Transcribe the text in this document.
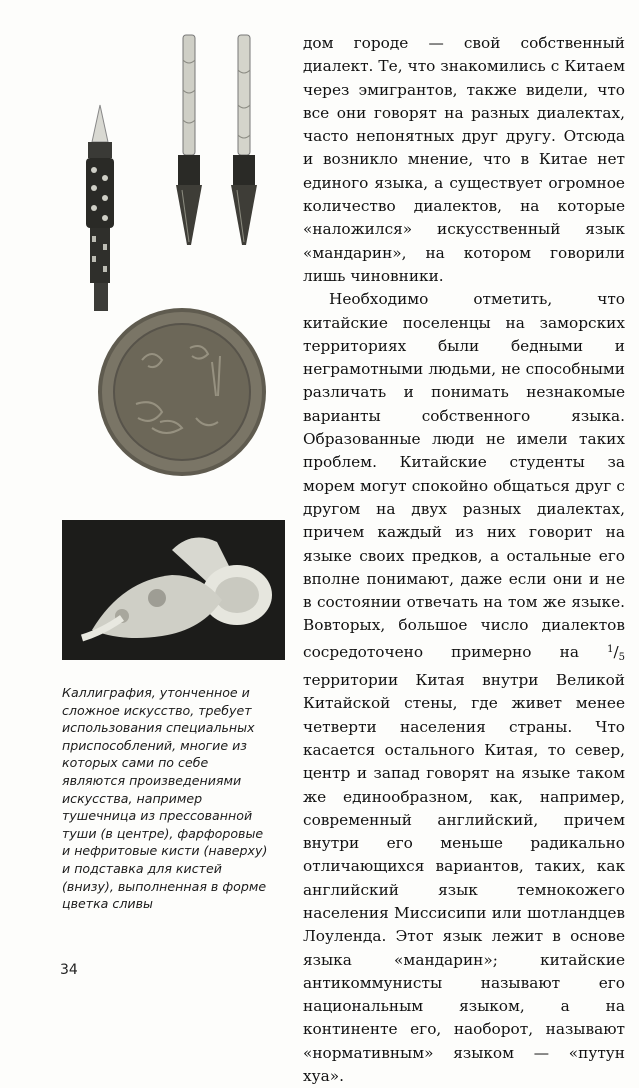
Каллиграфия, утонченное и сложное искусство, требует использования специальных приспособлений, многие из которых сами по себе являются произведениями искусства, например тушечница из прессованной туши (в центре), фарфоровые и нефритовые кисти (наверху) и подставка для кистей (внизу), выполненная в форме цветка сливы

дом городе — свой собственный диалект. Те, что знакомились с Китаем через эмигрантов, также видели, что все они говорят на разных диалектах, часто непонятных друг другу. Отсюда и возникло мнение, что в Китае нет единого языка, а существует огромное количество диалектов, на которые «наложился» искусственный язык «мандарин», на котором говорили лишь чиновники.

Необходимо отметить, что китайские поселенцы на заморских территориях были бедными и неграмотными людьми, не способными различать и понимать незнакомые варианты собственного языка. Образованные люди не имели таких проблем. Китайские студенты за морем могут спокойно общаться друг с другом на двух разных диалектах, причем каждый из них говорит на языке своих предков, а остальные его вполне понимают, даже если они и не в состоянии отвечать на том же языке. Вовторых, большое число диалектов сосредоточено примерно на	$^1/_5$ территории Китая внутри Великой Китайской стены, где живет менее четверти населения страны. Что касается остального Китая, то север, центр и запад говорят на языке таком же единообразном, как, например, современный английский, причем внутри его меньше радикально отличающихся вариантов, таких, как английский язык темнокожего населения Миссисипи или шотландцев Лоуленда. Этот язык лежит в основе языка «мандарин»; китайские антикоммунисты называют его национальным языком, а на континенте его, наоборот, называют «нормативным» языком — «путун хуа».

34
